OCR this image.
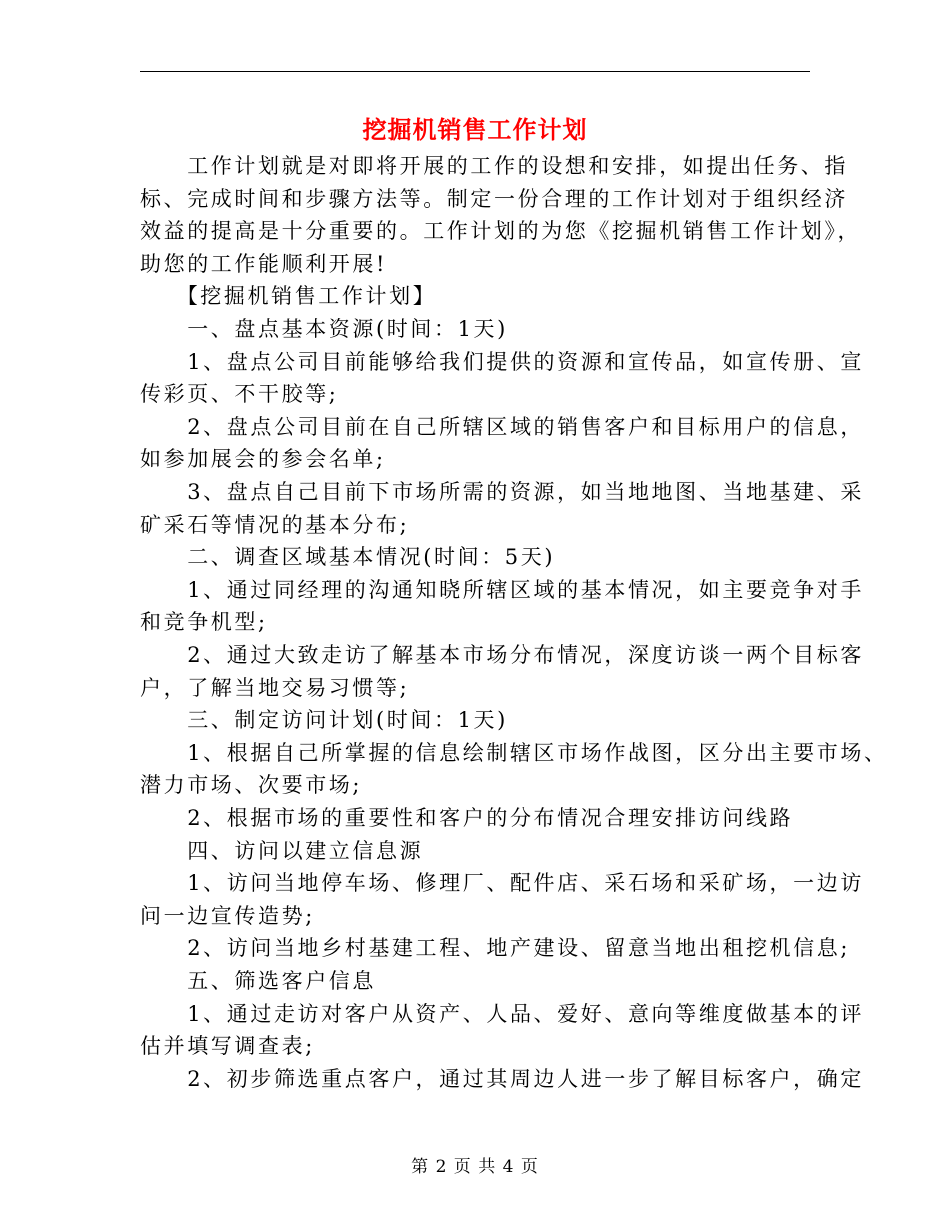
挖掘机销售工作计划
　　工作计划就是对即将开展的工作的设想和安排，如提出任务、指
标、完成时间和步骤方法等。制定一份合理的工作计划对于组织经济
效益的提高是十分重要的。工作计划的为您《挖掘机销售工作计划》，
助您的工作能顺利开展!
　　【挖掘机销售工作计划】
　　一、盘点基本资源(时间：1天)
　　1、盘点公司目前能够给我们提供的资源和宣传品，如宣传册、宣
传彩页、不干胶等;
　　2、盘点公司目前在自己所辖区域的销售客户和目标用户的信息，
如参加展会的参会名单;
　　3、盘点自己目前下市场所需的资源，如当地地图、当地基建、采
矿采石等情况的基本分布;
　　二、调查区域基本情况(时间：5天)
　　1、通过同经理的沟通知晓所辖区域的基本情况，如主要竞争对手
和竞争机型;
　　2、通过大致走访了解基本市场分布情况，深度访谈一两个目标客
户，了解当地交易习惯等;
　　三、制定访问计划(时间：1天)
　　1、根据自己所掌握的信息绘制辖区市场作战图，区分出主要市场、
潜力市场、次要市场;
　　2、根据市场的重要性和客户的分布情况合理安排访问线路
　　四、访问以建立信息源
　　1、访问当地停车场、修理厂、配件店、采石场和采矿场，一边访
问一边宣传造势;
　　2、访问当地乡村基建工程、地产建设、留意当地出租挖机信息;
　　五、筛选客户信息
　　1、通过走访对客户从资产、人品、爱好、意向等维度做基本的评
估并填写调查表;
　　2、初步筛选重点客户，通过其周边人进一步了解目标客户，确定
第 2 页 共 4 页
